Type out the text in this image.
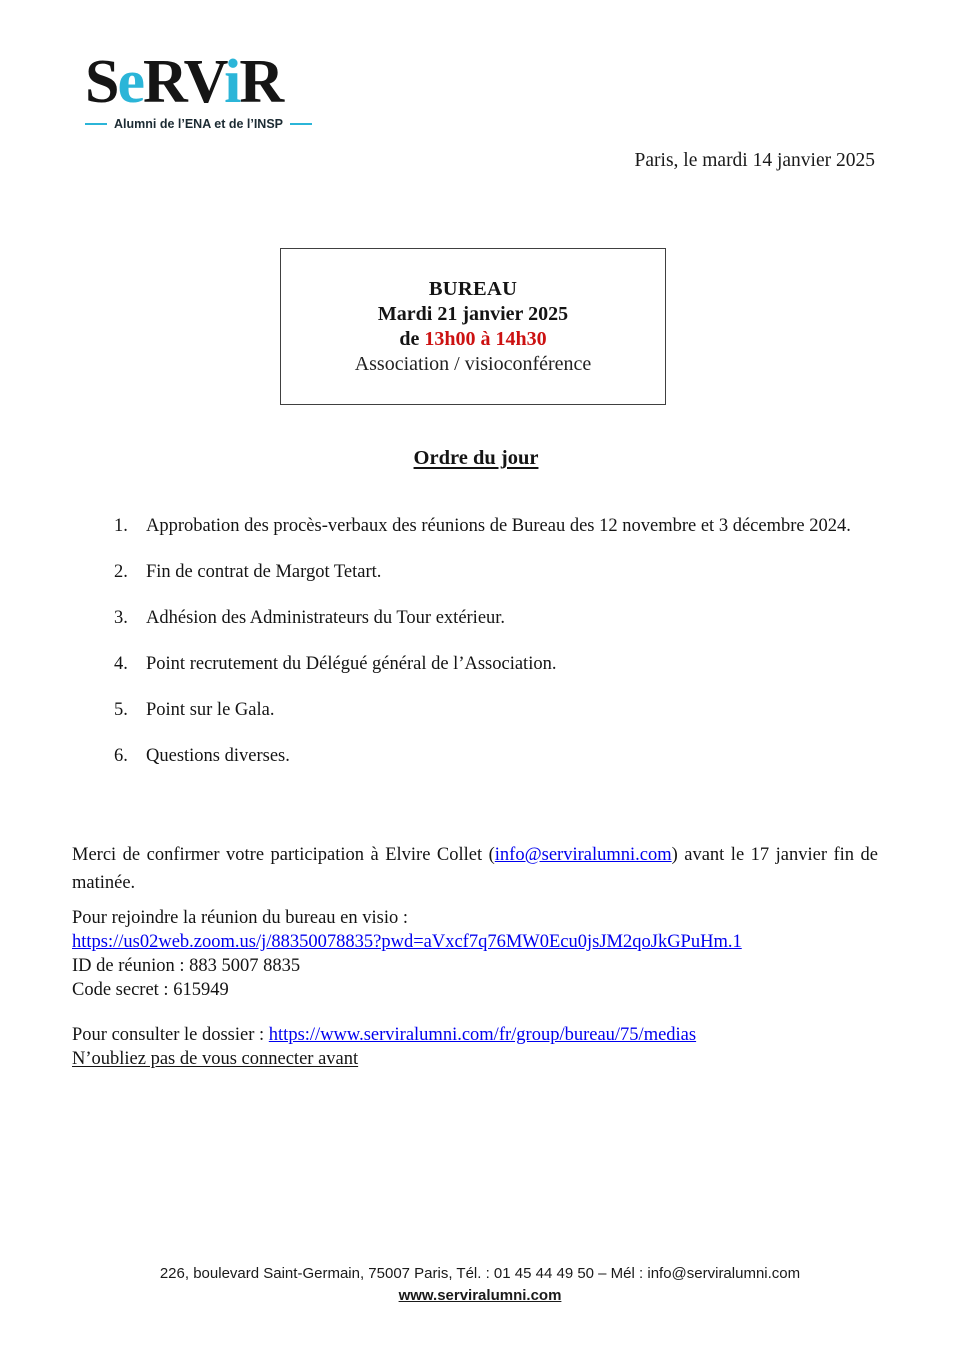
SeRViR
Alumni de l’ENA et de l’INSP
Paris, le mardi 14 janvier 2025
BUREAU
Mardi 21 janvier 2025
de 13h00 à 14h30
Association / visioconférence
Ordre du jour
1. Approbation des procès-verbaux des réunions de Bureau des 12 novembre et 3 décembre 2024.
2. Fin de contrat de Margot Tetart.
3. Adhésion des Administrateurs du Tour extérieur.
4. Point recrutement du Délégué général de l’Association.
5. Point sur le Gala.
6. Questions diverses.
Merci de confirmer votre participation à Elvire Collet (info@serviralumni.com) avant le 17 janvier fin de matinée.
Pour rejoindre la réunion du bureau en visio :
https://us02web.zoom.us/j/88350078835?pwd=aVxcf7q76MW0Ecu0jsJM2qoJkGPuHm.1
ID de réunion : 883 5007 8835
Code secret : 615949
Pour consulter le dossier : https://www.serviralumni.com/fr/group/bureau/75/medias
N’oubliez pas de vous connecter avant
226, boulevard Saint-Germain, 75007 Paris, Tél. : 01 45 44 49 50 – Mél : info@serviralumni.com
www.serviralumni.com
